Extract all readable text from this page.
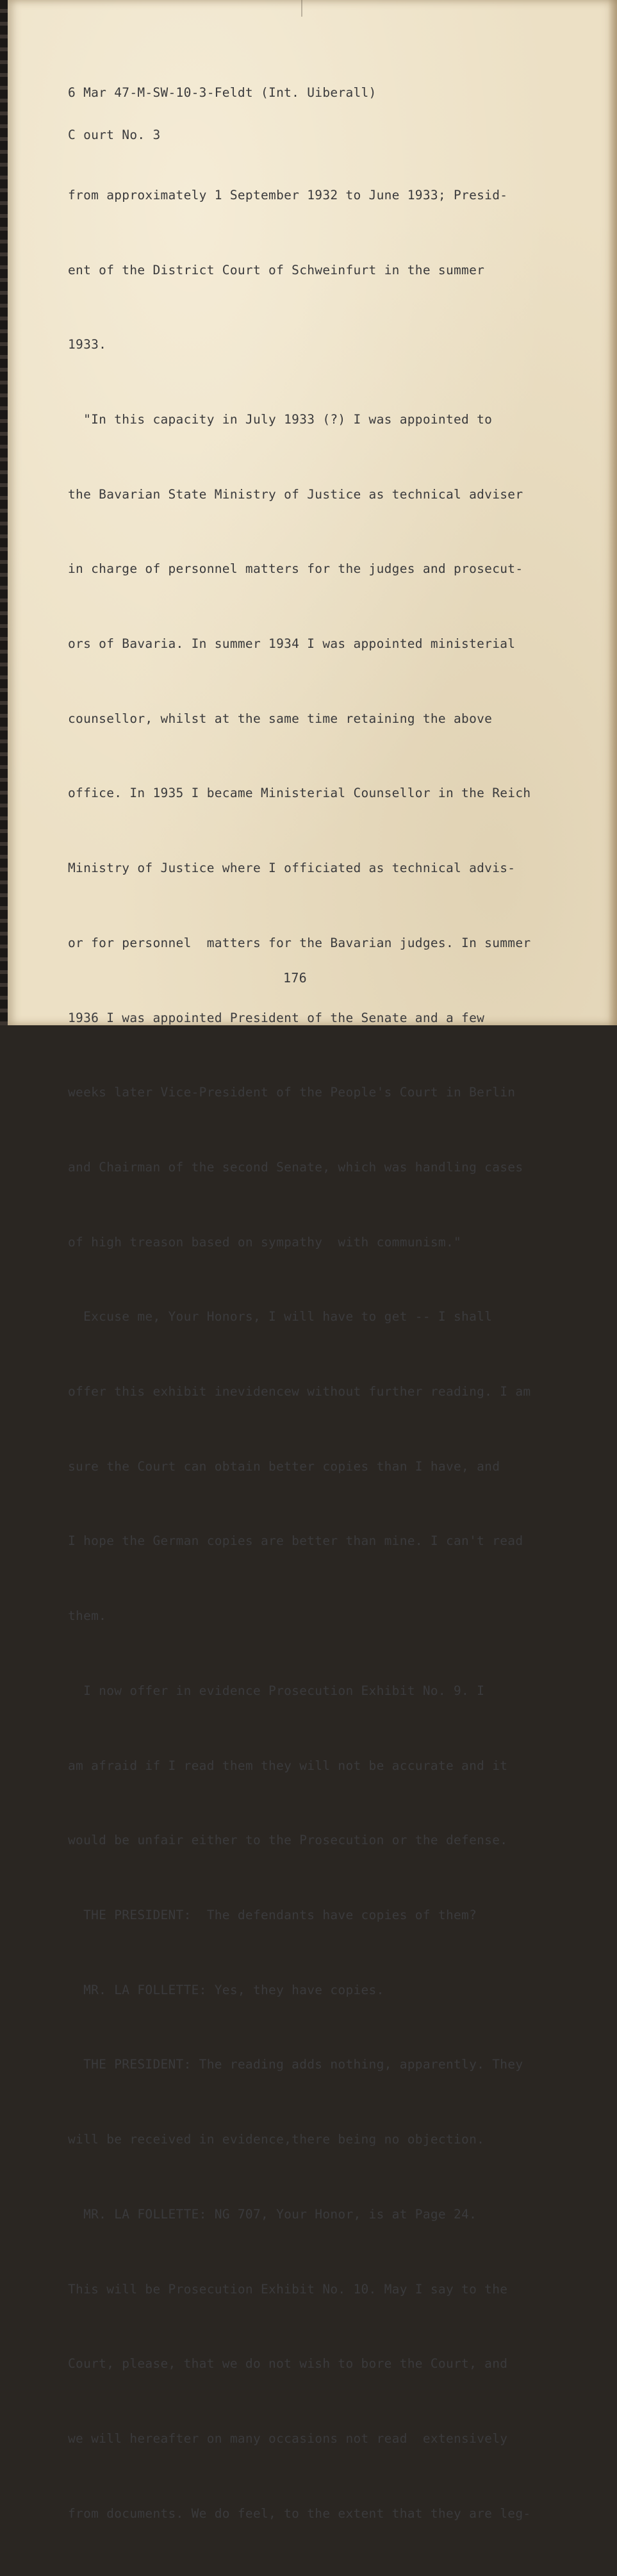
6 Mar 47-M-SW-10-3-Feldt (Int. Uiberall)

C ourt No. 3

from approximately 1 September 1932 to June 1933; Presid-

ent of the District Court of Schweinfurt in the summer

1933.

"In this capacity in July 1933 (?) I was appointed to

the Bavarian State Ministry of Justice as technical adviser

in charge of personnel matters for the judges and prosecut-

ors of Bavaria. In summer 1934 I was appointed ministerial

counsellor, whilst at the same time retaining the above

office. In 1935 I became Ministerial Counsellor in the Reich

Ministry of Justice where I officiated as technical advis-

or for personnel  matters for the Bavarian judges. In summer

1936 I was appointed President of the Senate and a few

weeks later Vice-President of the People's Court in Berlin

and Chairman of the second Senate, which was handling cases

of high treason based on sympathy  with communism."

Excuse me, Your Honors, I will have to get -- I shall

offer this exhibit inevidencew without further reading. I am

sure the Court can obtain better copies than I have, and

I hope the German copies are better than mine. I can't read

them.

I now offer in evidence Prosecution Exhibit No. 9. I

am afraid if I read them they will not be accurate and it

would be unfair either to the Prosecution or the defense.

THE PRESIDENT:  The defendants have copies of them?

MR. LA FOLLETTE: Yes, they have copies.

THE PRESIDENT: The reading adds nothing, apparently. They

will be received in evidence,there being no objection.

MR. LA FOLLETTE: NG 707, Your Honor, is at Page 24.

This will be Prosecution Exhibit No. 10. May I say to the

Court, please, that we do not wish to bore the Court, and

we will hereafter on many occasions not read  extensively

from documents. We do feel, to the extent that they are leg-

176
